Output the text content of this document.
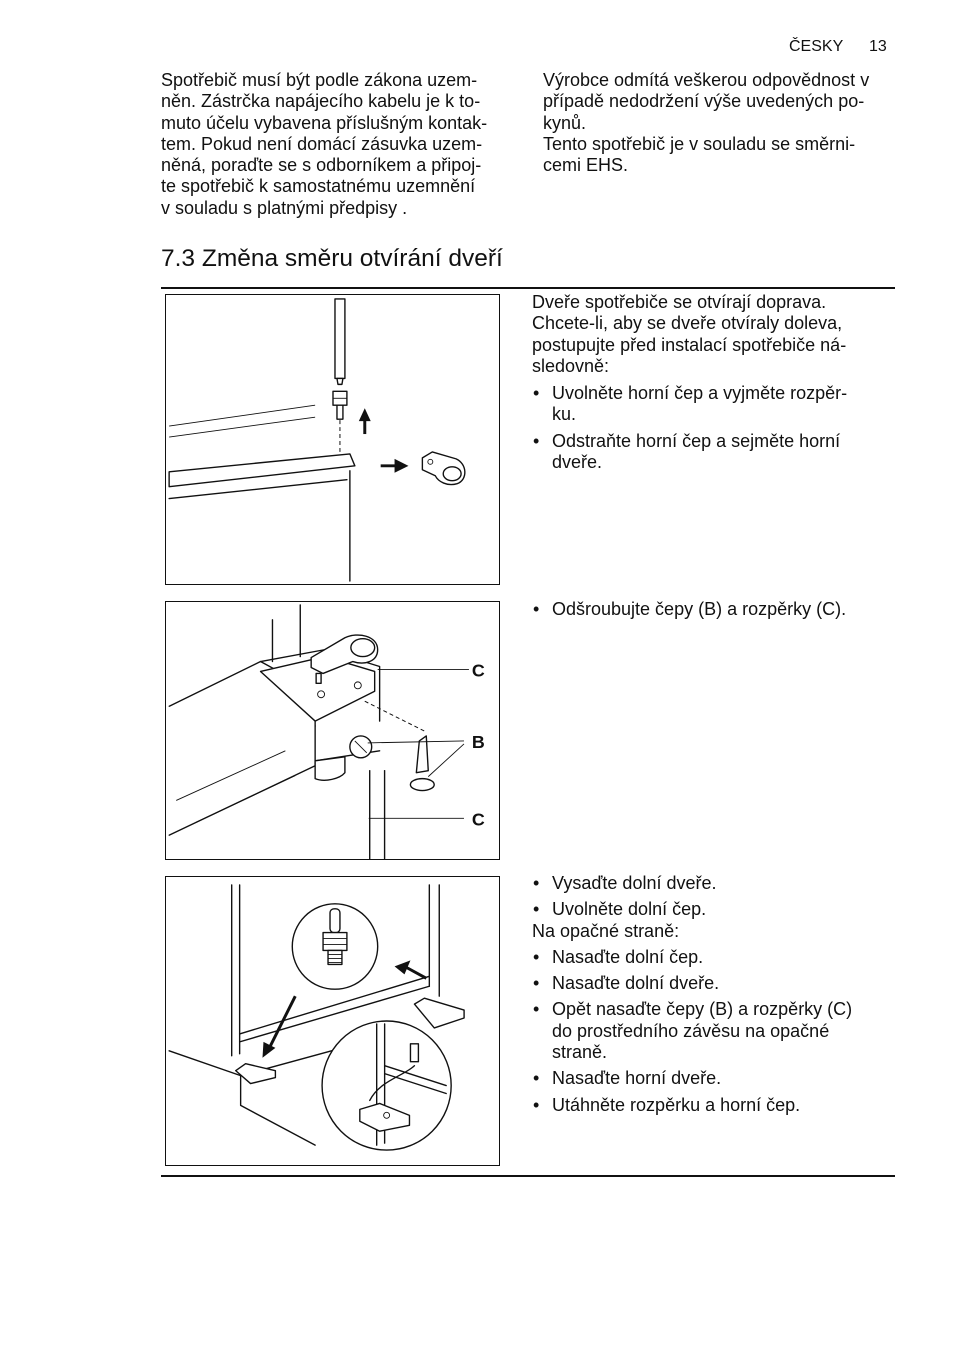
ČESKY 13

Spotřebič musí být podle zákona uzem-
něn. Zástrčka napájecího kabelu je k to-
muto účelu vybavena příslušným kontak-
tem. Pokud není domácí zásuvka uzem-
něná, poraďte se s odborníkem a připoj-
te spotřebič k samostatnému uzemnění
v souladu s platnými předpisy .

Výrobce odmítá veškerou odpovědnost v
případě nedodržení výše uvedených po-
kynů.
Tento spotřebič je v souladu se směrni-
cemi EHS.

7.3 Změna směru otvírání dveří
C
B
C

Dveře spotřebiče se otvírají doprava.
Chcete-li, aby se dveře otvíraly doleva,
postupujte před instalací spotřebiče ná-
sledovně:

• Uvolněte horní čep a vyjměte rozpěr-
ku.
• Odstraňte horní čep a sejměte horní
dveře.
• Odšroubujte čepy (B) a rozpěrky (C).
• Vysaďte dolní dveře.
• Uvolněte dolní čep.

Na opačné straně:

• Nasaďte dolní čep.
• Nasaďte dolní dveře.
• Opět nasaďte čepy (B) a rozpěrky (C)
do prostředního závěsu na opačné
straně.
• Nasaďte horní dveře.
• Utáhněte rozpěrku a horní čep.
